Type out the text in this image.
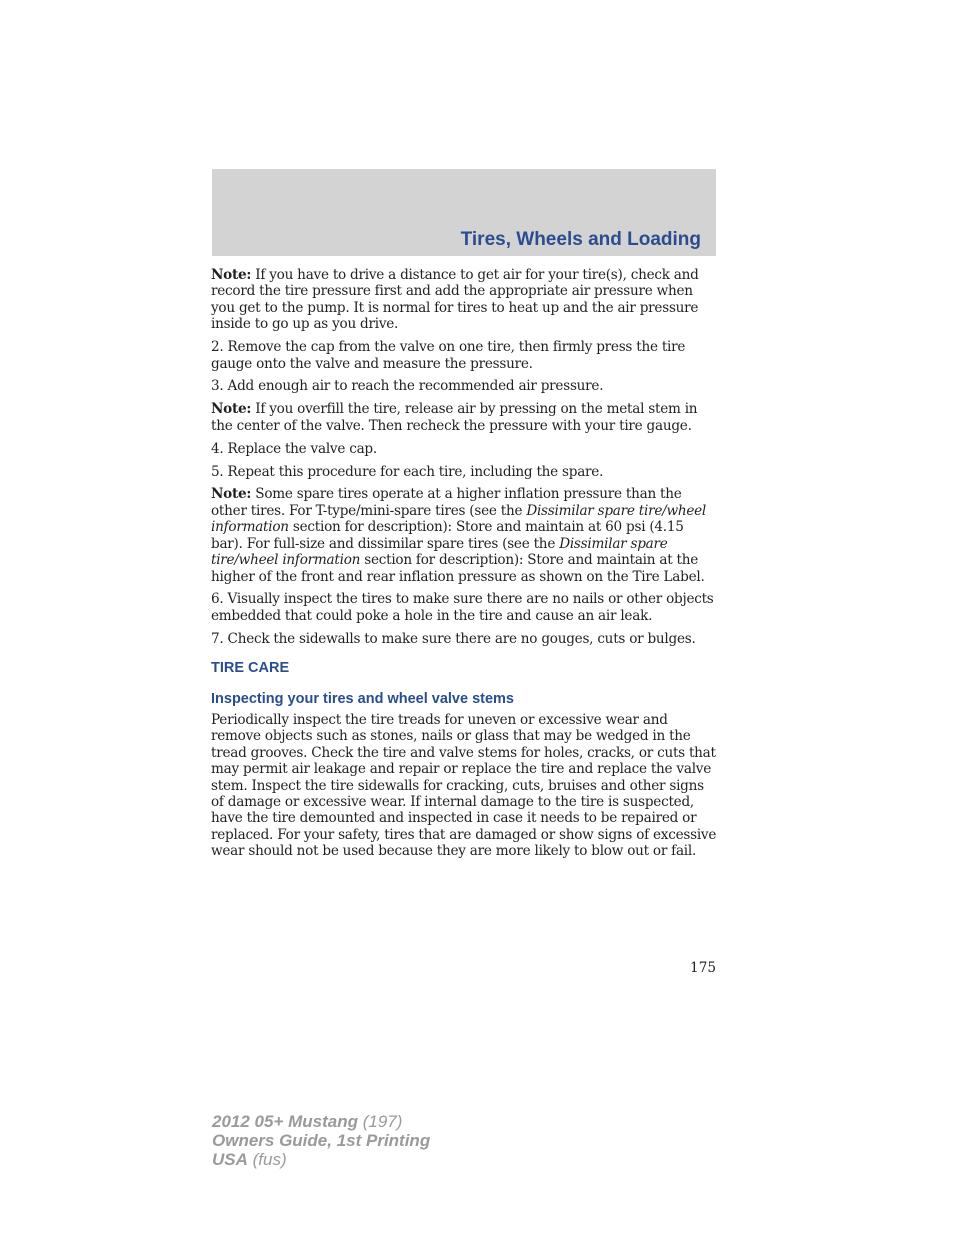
Tires, Wheels and Loading

Note: If you have to drive a distance to get air for your tire(s), check and record the tire pressure first and add the appropriate air pressure when you get to the pump. It is normal for tires to heat up and the air pressure inside to go up as you drive.

2. Remove the cap from the valve on one tire, then firmly press the tire gauge onto the valve and measure the pressure.

3. Add enough air to reach the recommended air pressure.

Note: If you overfill the tire, release air by pressing on the metal stem in the center of the valve. Then recheck the pressure with your tire gauge.

4. Replace the valve cap.

5. Repeat this procedure for each tire, including the spare.

Note: Some spare tires operate at a higher inflation pressure than the other tires. For T-type/mini-spare tires (see the Dissimilar spare tire/wheel information section for description): Store and maintain at 60 psi (4.15 bar). For full-size and dissimilar spare tires (see the Dissimilar spare tire/wheel information section for description): Store and maintain at the higher of the front and rear inflation pressure as shown on the Tire Label.

6. Visually inspect the tires to make sure there are no nails or other objects embedded that could poke a hole in the tire and cause an air leak.

7. Check the sidewalls to make sure there are no gouges, cuts or bulges.

TIRE CARE
Inspecting your tires and wheel valve stems

Periodically inspect the tire treads for uneven or excessive wear and remove objects such as stones, nails or glass that may be wedged in the tread grooves. Check the tire and valve stems for holes, cracks, or cuts that may permit air leakage and repair or replace the tire and replace the valve stem. Inspect the tire sidewalls for cracking, cuts, bruises and other signs of damage or excessive wear. If internal damage to the tire is suspected, have the tire demounted and inspected in case it needs to be repaired or replaced. For your safety, tires that are damaged or show signs of excessive wear should not be used because they are more likely to blow out or fail.

175
2012 05+ Mustang (197)
Owners Guide, 1st Printing
USA (fus)
